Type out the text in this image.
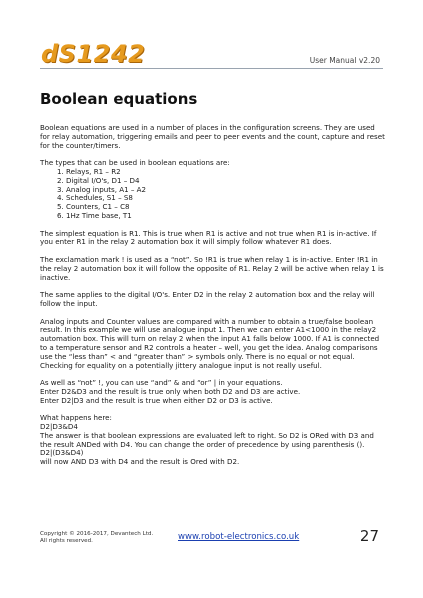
dS1242	User Manual v2.20
Boolean equations

Boolean equations are used in a number of places in the configuration screens. They are used for relay automation, triggering emails and peer to peer events and the count, capture and reset for the counter/timers.

The types that can be used in boolean equations are:

1. Relays, R1 – R2
2. Digital I/O's, D1 – D4
3. Analog inputs, A1 – A2
4. Schedules, S1 – S8
5. Counters, C1 – C8
6. 1Hz Time base, T1

The simplest equation is R1. This is true when R1 is active and not true when R1 is in-active. If you enter R1 in the relay 2 automation box it will simply follow whatever R1 does.

The exclamation mark ! is used as a “not”. So !R1 is true when relay 1 is in-active. Enter !R1 in the relay 2 automation box it will follow the opposite of R1. Relay 2 will be active when relay 1 is inactive.

The same applies to the digital I/O's. Enter D2 in the relay 2 automation box and the relay will follow the input.

Analog inputs and Counter values are compared with a number to obtain a true/false boolean result. In this example we will use analogue input 1. Then we can enter A1<1000 in the relay2 automation box. This will turn on relay 2 when the input A1 falls below 1000. If A1 is connected to a temperature sensor and R2 controls a heater – well, you get the idea. Analog comparisons use the “less than” < and “greater than” > symbols only. There is no equal or not equal. Checking for equality on a potentially jittery analogue input is not really useful.

As well as “not” !, you can use “and” & and “or” | in your equations.
Enter D2&D3 and the result is true only when both D2 and D3 are active.
Enter D2|D3 and the result is true when either D2 or D3 is active.

What happens here:
D2|D3&D4
The answer is that boolean expressions are evaluated left to right. So D2 is ORed with D3 and the result ANDed with D4. You can change the order of precedence by using parenthesis ().
D2|(D3&D4)
will now AND D3 with D4 and the result is Ored with D2.

Copyright © 2016-2017, Devantech Ltd.
All rights reserved.	www.robot-electronics.co.uk	27
